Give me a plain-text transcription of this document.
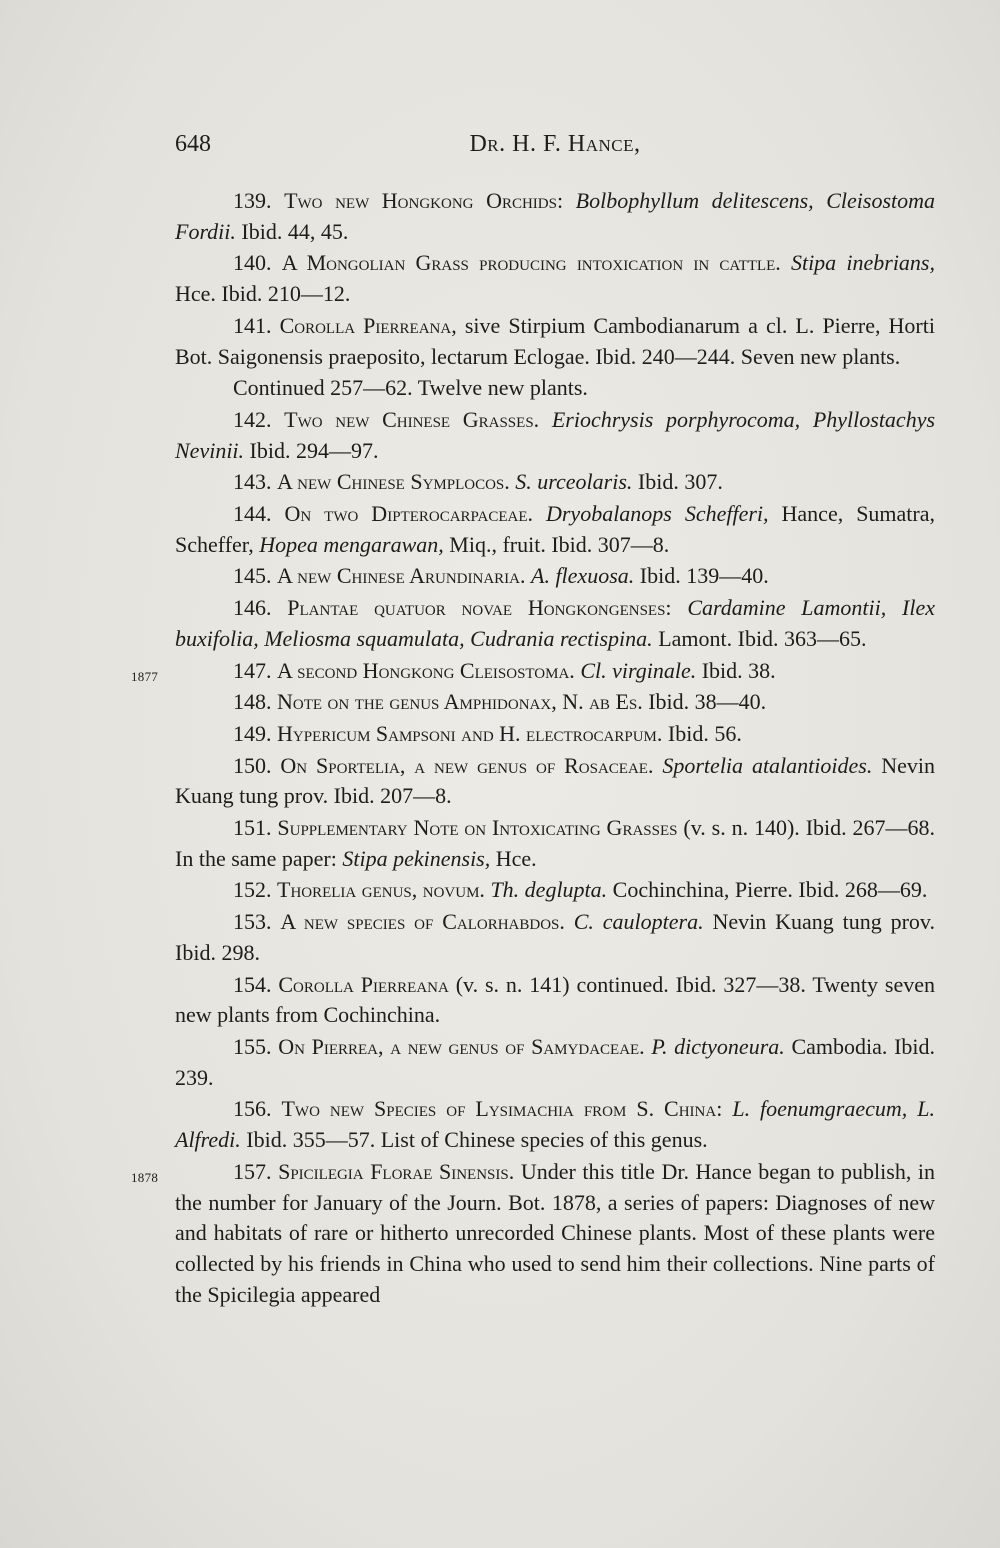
648	Dr. H. F. Hance,

139. Two new Hongkong Orchids: Bolbophyllum delitescens, Cleisostoma Fordii. Ibid. 44, 45.

140. A Mongolian Grass producing intoxication in cattle. Stipa inebrians, Hce. Ibid. 210—12.

141. Corolla Pierreana, sive Stirpium Cambodianarum a cl. L. Pierre, Horti Bot. Saigonensis praeposito, lectarum Eclogae. Ibid. 240—244. Seven new plants.

Continued 257—62. Twelve new plants.

142. Two new Chinese Grasses. Eriochrysis porphyrocoma, Phyllostachys Nevinii. Ibid. 294—97.

143. A new Chinese Symplocos. S. urceolaris. Ibid. 307.

144. On two Dipterocarpaceae. Dryobalanops Schefferi, Hance, Sumatra, Scheffer, Hopea mengarawan, Miq., fruit. Ibid. 307—8.

145. A new Chinese Arundinaria. A. flexuosa. Ibid. 139—40.

146. Plantae quatuor novae Hongkongenses: Cardamine Lamontii, Ilex buxifolia, Meliosma squamulata, Cudrania rectispina. Lamont. Ibid. 363—65.

1877	147. A second Hongkong Cleisostoma. Cl. virginale. Ibid. 38.

148. Note on the genus Amphidonax, N. ab Es. Ibid. 38—40.

149. Hypericum Sampsoni and H. electrocarpum. Ibid. 56.

150. On Sportelia, a new genus of Rosaceae. Sportelia atalantioides. Nevin Kuang tung prov. Ibid. 207—8.

151. Supplementary Note on Intoxicating Grasses (v. s. n. 140). Ibid. 267—68. In the same paper: Stipa pekinensis, Hce.

152. Thorelia genus, novum. Th. deglupta. Cochinchina, Pierre. Ibid. 268—69.

153. A new species of Calorhabdos. C. cauloptera. Nevin Kuang tung prov. Ibid. 298.

154. Corolla Pierreana (v. s. n. 141) continued. Ibid. 327—38. Twenty seven new plants from Cochinchina.

155. On Pierrea, a new genus of Samydaceae. P. dictyoneura. Cambodia. Ibid. 239.

156. Two new Species of Lysimachia from S. China: L. foenumgraecum, L. Alfredi. Ibid. 355—57. List of Chinese species of this genus.

1878	157. Spicilegia Florae Sinensis. Under this title Dr. Hance began to publish, in the number for January of the Journ. Bot. 1878, a series of papers: Diagnoses of new and habitats of rare or hitherto unrecorded Chinese plants. Most of these plants were collected by his friends in China who used to send him their collections. Nine parts of the Spicilegia appeared
